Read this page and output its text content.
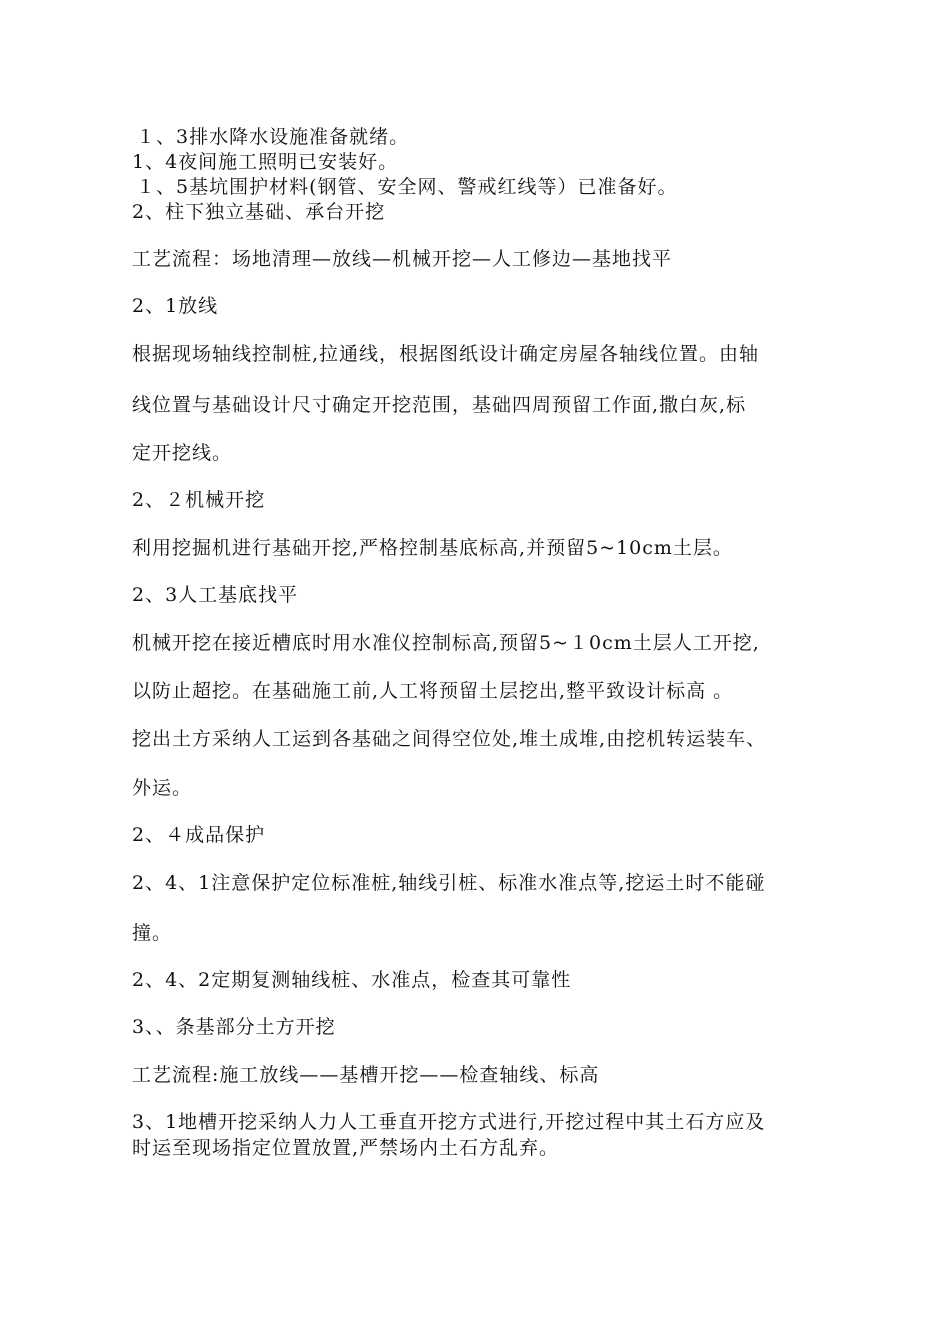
１、3排水降水设施准备就绪。
1、4夜间施工照明已安装好。
１、5基坑围护材料(钢管、安全网、警戒红线等）已准备好。
2、柱下独立基础、承台开挖
工艺流程：场地清理—放线—机械开挖—人工修边—基地找平
2、1放线
根据现场轴线控制桩,拉通线，根据图纸设计确定房屋各轴线位置。由轴
线位置与基础设计尺寸确定开挖范围，基础四周预留工作面,撒白灰,标
定开挖线。
2、２机械开挖
利用挖掘机进行基础开挖,严格控制基底标高,并预留5~10cm土层。
2、3人工基底找平
机械开挖在接近槽底时用水准仪控制标高,预留5~１0cm土层人工开挖,
以防止超挖。在基础施工前,人工将预留土层挖出,整平致设计标高 。
挖出土方采纳人工运到各基础之间得空位处,堆土成堆,由挖机转运装车、
外运。
2、４成品保护
2、4、1注意保护定位标准桩,轴线引桩、标准水准点等,挖运土时不能碰
撞。
2、4、2定期复测轴线桩、水准点，检查其可靠性
3、、条基部分土方开挖
工艺流程:施工放线——基槽开挖——检查轴线、标高
3、1地槽开挖采纳人力人工垂直开挖方式进行,开挖过程中其土石方应及
时运至现场指定位置放置,严禁场内土石方乱弃。
